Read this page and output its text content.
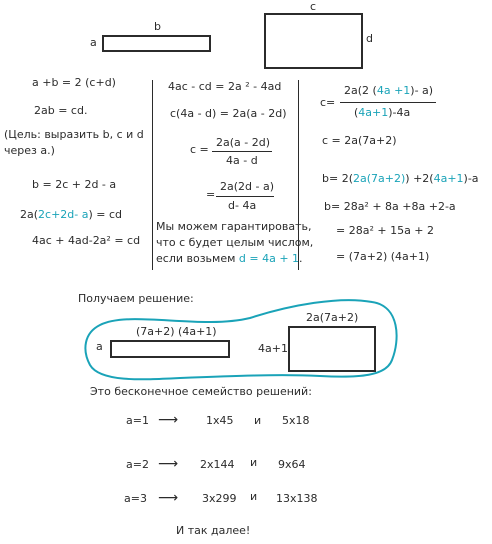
a
b
c
d
a +b = 2 (c+d)
2ab = cd.
(Цель: выразить b, c и d
через a.)
b = 2c + 2d - a
2a(2c+2d- a) = cd
4ac + 4ad-2a² = cd
4ac - cd = 2a ² - 4ad
c(4a - d) = 2a(a - 2d)
c =
2a(a - 2d)
4a - d
=
2a(2d - a)
d- 4a
Мы можем гарантировать,
что c будет целым числом,
если возьмем d = 4a + 1.
c=
2a(2 (4a +1)- a)
(4a+1)-4a
c = 2a(7a+2)
b= 2(2a(7a+2)) +2(4a+1)-a
b= 28a² + 8a +8a +2-a
= 28a² + 15a + 2
= (7a+2) (4a+1)
Получаем решение:
(7a+2) (4a+1)
a
2a(7a+2)
4a+1
Это бесконечное семейство решений:
a=1 ⟶	1x45 и 5x18
a=2 ⟶ 2x144 и 9x64
a=3 ⟶ 3x299 и 13x138
И так далее!
